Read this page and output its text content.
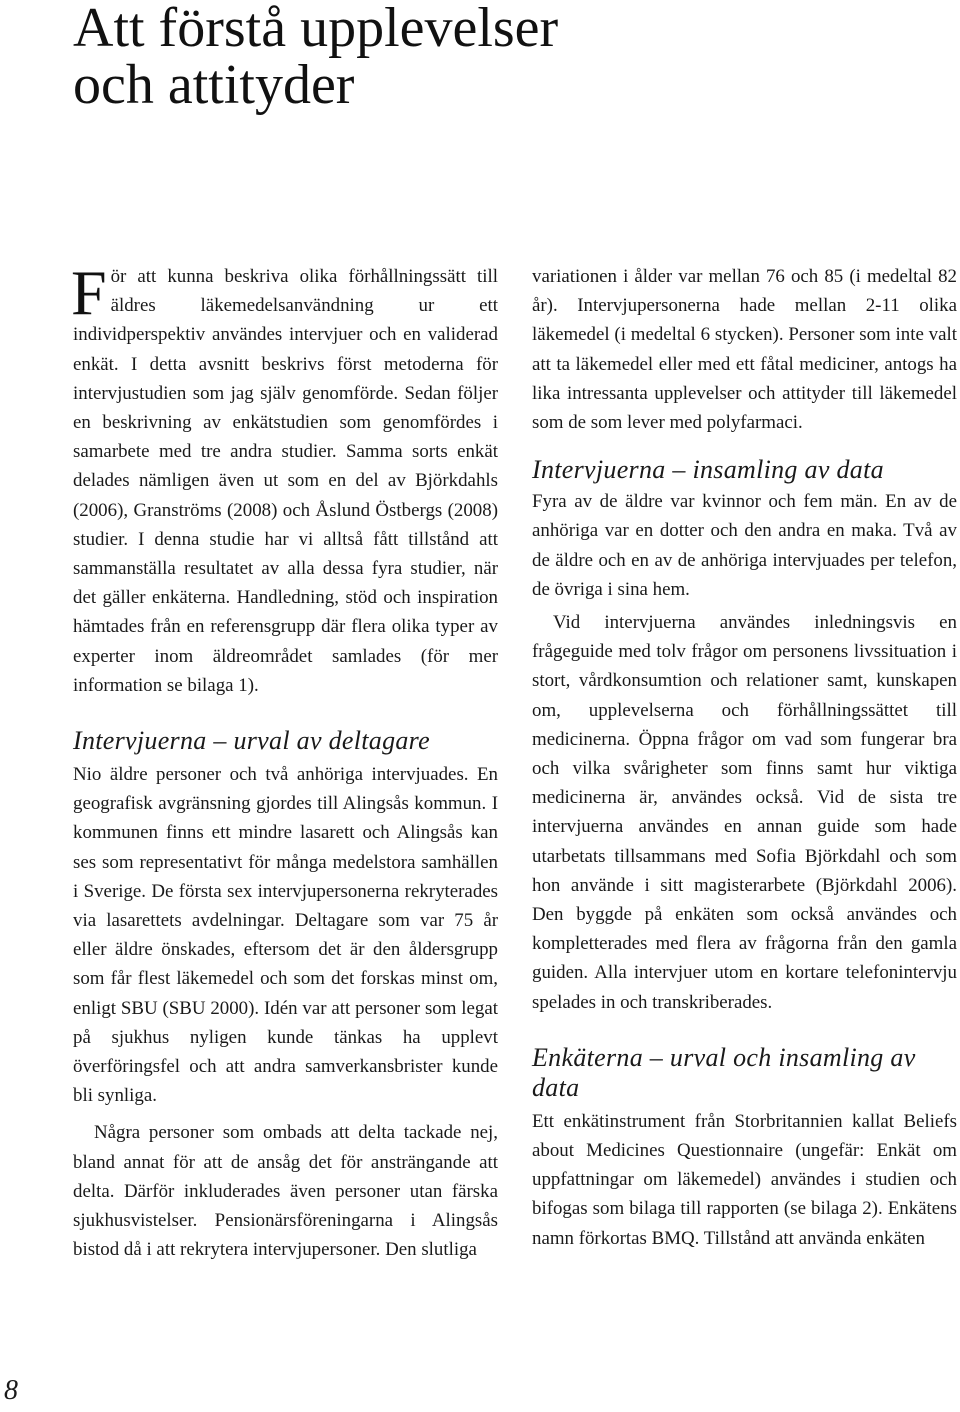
Att förstå upplevelser
och attityder

För att kunna beskriva olika förhållningssätt till äldres läkemedelsanvändning ur ett individperspektiv användes intervjuer och en validerad enkät. I detta avsnitt beskrivs först metoderna för intervjustudien som jag själv genomförde. Sedan följer en beskrivning av enkätstudien som genomfördes i samarbete med tre andra studier. Samma sorts enkät delades nämligen även ut som en del av Björkdahls (2006), Granströms (2008) och Åslund Östbergs (2008) studier. I denna studie har vi alltså fått tillstånd att sammanställa resultatet av alla dessa fyra studier, när det gäller enkäterna. Handledning, stöd och inspiration hämtades från en referensgrupp där flera olika typer av experter inom äldreområdet samlades (för mer information se bilaga 1).

Intervjuerna – urval av deltagare

Nio äldre personer och två anhöriga intervjuades. En geografisk avgränsning gjordes till Alingsås kommun. I kommunen finns ett mindre lasarett och Alingsås kan ses som representativt för många medelstora samhällen i Sverige. De första sex intervjupersonerna rekryterades via lasarettets avdelningar. Deltagare som var 75 år eller äldre önskades, eftersom det är den åldersgrupp som får flest läkemedel och som det forskas minst om, enligt SBU (SBU 2000). Idén var att personer som legat på sjukhus nyligen kunde tänkas ha upplevt överföringsfel och att andra samverkansbrister kunde bli synliga.

Några personer som ombads att delta tackade nej, bland annat för att de ansåg det för ansträngande att delta. Därför inkluderades även personer utan färska sjukhusvistelser. Pensionärsföreningarna i Alingsås bistod då i att rekrytera intervjupersoner. Den slutliga

variationen i ålder var mellan 76 och 85 (i medeltal 82 år). Intervjupersonerna hade mellan 2-11 olika läkemedel (i medeltal 6 stycken). Personer som inte valt att ta läkemedel eller med ett fåtal mediciner, antogs ha lika intressanta upplevelser och attityder till läkemedel som de som lever med polyfarmaci.

Intervjuerna – insamling av data

Fyra av de äldre var kvinnor och fem män. En av de anhöriga var en dotter och den andra en maka. Två av de äldre och en av de anhöriga intervjuades per telefon, de övriga i sina hem.

Vid intervjuerna användes inledningsvis en frågeguide med tolv frågor om personens livssituation i stort, vårdkonsumtion och relationer samt, kunskapen om, upplevelserna och förhållningssättet till medicinerna. Öppna frågor om vad som fungerar bra och vilka svårigheter som finns samt hur viktiga medicinerna är, användes också. Vid de sista tre intervjuerna användes en annan guide som hade utarbetats tillsammans med Sofia Björkdahl och som hon använde i sitt magisterarbete (Björkdahl 2006). Den byggde på enkäten som också användes och kompletterades med flera av frågorna från den gamla guiden. Alla intervjuer utom en kortare telefonintervju spelades in och transkriberades.

Enkäterna – urval och insamling av data

Ett enkätinstrument från Storbritannien kallat Beliefs about Medicines Questionnaire (ungefär: Enkät om uppfattningar om läkemedel) användes i studien och bifogas som bilaga till rapporten (se bilaga 2). Enkätens namn förkortas BMQ. Tillstånd att använda enkäten

8
